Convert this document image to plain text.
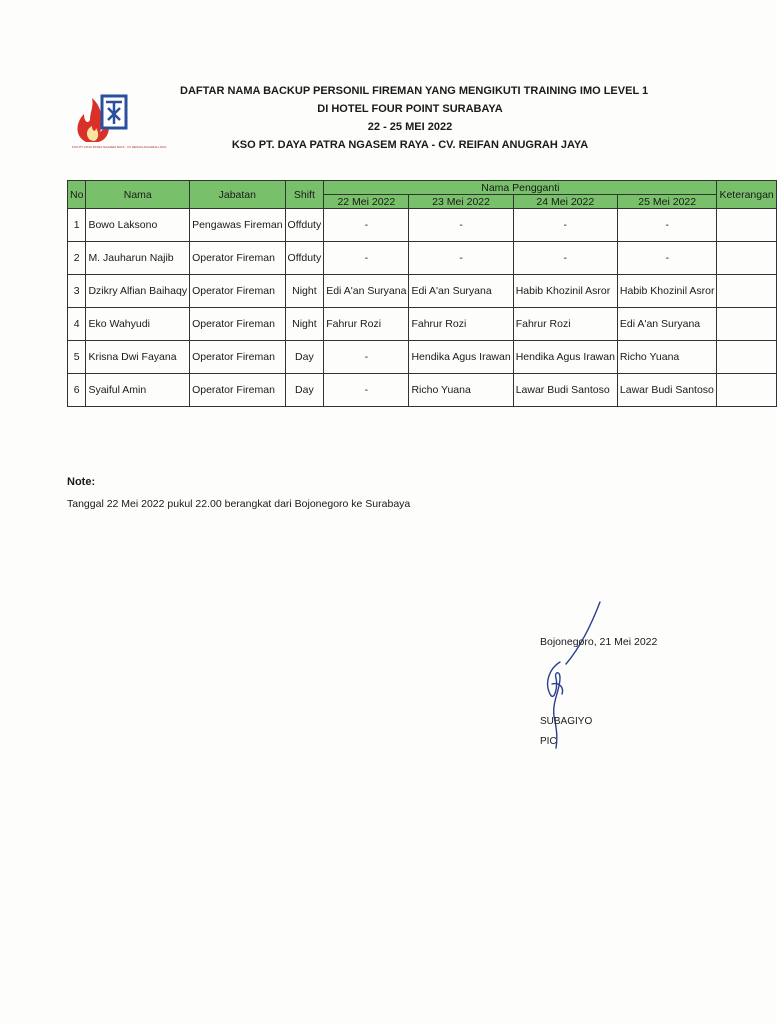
KSO PT. DAYA PATRA NGASEM RAYA - CV REIFAN ANUGRAH JAYA
DAFTAR NAMA BACKUP PERSONIL FIREMAN YANG MENGIKUTI TRAINING IMO LEVEL 1
DI HOTEL FOUR POINT SURABAYA
22 - 25 MEI 2022
KSO PT. DAYA PATRA NGASEM RAYA - CV. REIFAN ANUGRAH JAYA
No	Nama	Jabatan	Shift	Nama Pengganti				Keterangan
				22 Mei 2022	23 Mei 2022	24 Mei 2022	25 Mei 2022	
1	Bowo Laksono	Pengawas Fireman	Offduty	-	-	-	-	
2	M. Jauharun Najib	Operator Fireman	Offduty	-	-	-	-	
3	Dzikry Alfian Baihaqy	Operator Fireman	Night	Edi A'an Suryana	Edi A'an Suryana	Habib Khozinil Asror	Habib Khozinil Asror	
4	Eko Wahyudi	Operator Fireman	Night	Fahrur Rozi	Fahrur Rozi	Fahrur Rozi	Edi A'an Suryana	
5	Krisna Dwi Fayana	Operator Fireman	Day	-	Hendika Agus Irawan	Hendika Agus Irawan	Richo Yuana	
6	Syaiful Amin	Operator Fireman	Day	-	Richo Yuana	Lawar Budi Santoso	Lawar Budi Santoso	
Note:
Tanggal 22 Mei 2022 pukul 22.00 berangkat dari Bojonegoro ke Surabaya
Bojonegoro, 21 Mei 2022
SUBAGIYO
PIC
